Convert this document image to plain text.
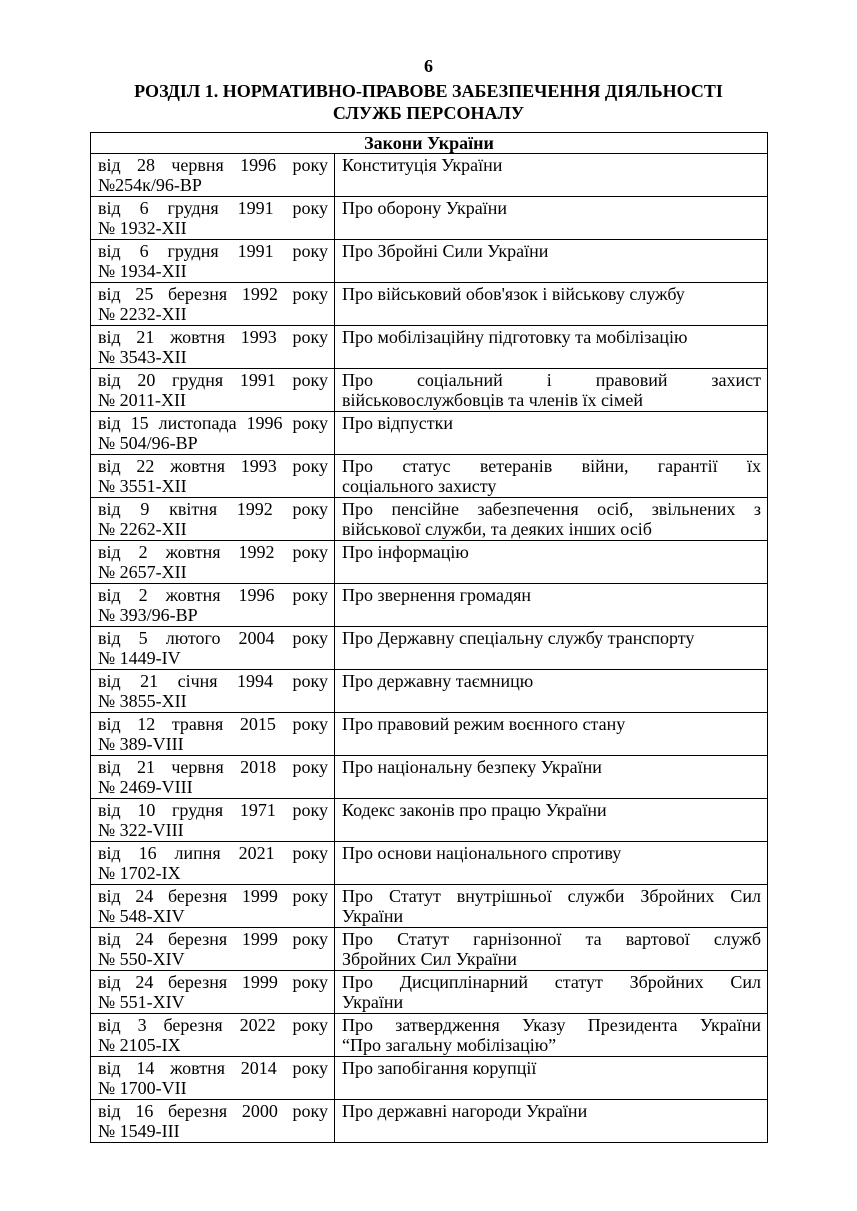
6
РОЗДІЛ 1. НОРМАТИВНО-ПРАВОВЕ ЗАБЕЗПЕЧЕННЯ ДІЯЛЬНОСТІ
СЛУЖБ ПЕРСОНАЛУ
Закони України	

від 28 червня 1996 року
№254к/96-ВР	Конституція України

від 6 грудня 1991 року
№ 1932-XII	Про оборону України

від 6 грудня 1991 року
№ 1934-XII	Про Збройні Сили України

від 25 березня 1992 року
№ 2232-XII	Про військовий обов'язок і військову службу

від 21 жовтня 1993 року
№ 3543-XII	Про мобілізаційну підготовку та мобілізацію

від 20 грудня 1991 року
№ 2011-XII	Про соціальний і правовий захист
військовослужбовців та членів їх сімей

від 15 листопада 1996 року
№ 504/96-ВР	Про відпустки

від 22 жовтня 1993 року
№ 3551-XII	Про статус ветеранів війни, гарантії їх
соціального захисту

від 9 квітня 1992 року
№ 2262-XII	Про пенсійне забезпечення осіб, звільнених з
військової служби, та деяких інших осіб

від 2 жовтня 1992 року
№ 2657-XII	Про інформацію

від 2 жовтня 1996 року
№ 393/96-ВР	Про звернення громадян

від 5 лютого 2004 року
№ 1449-IV	Про Державну спеціальну службу транспорту

від 21 січня 1994 року
№ 3855-XII	Про державну таємницю

від 12 травня 2015 року
№ 389-VIII	Про правовий режим воєнного стану

від 21 червня 2018 року
№ 2469-VIII	Про національну безпеку України

від 10 грудня 1971 року
№ 322-VIII	Кодекс законів про працю України

від 16 липня 2021 року
№ 1702-IX	Про основи національного спротиву

від 24 березня 1999 року
№ 548-XIV	Про Статут внутрішньої служби Збройних Сил
України

від 24 березня 1999 року
№ 550-XIV	Про Статут гарнізонної та вартової служб
Збройних Сил України

від 24 березня 1999 року
№ 551-XIV	Про Дисциплінарний статут Збройних Сил
України

від 3 березня 2022 року
№ 2105-IX	Про затвердження Указу Президента України
“Про загальну мобілізацію”

від 14 жовтня 2014 року
№ 1700-VII	Про запобігання корупції

від 16 березня 2000 року
№ 1549-III	Про державні нагороди України
